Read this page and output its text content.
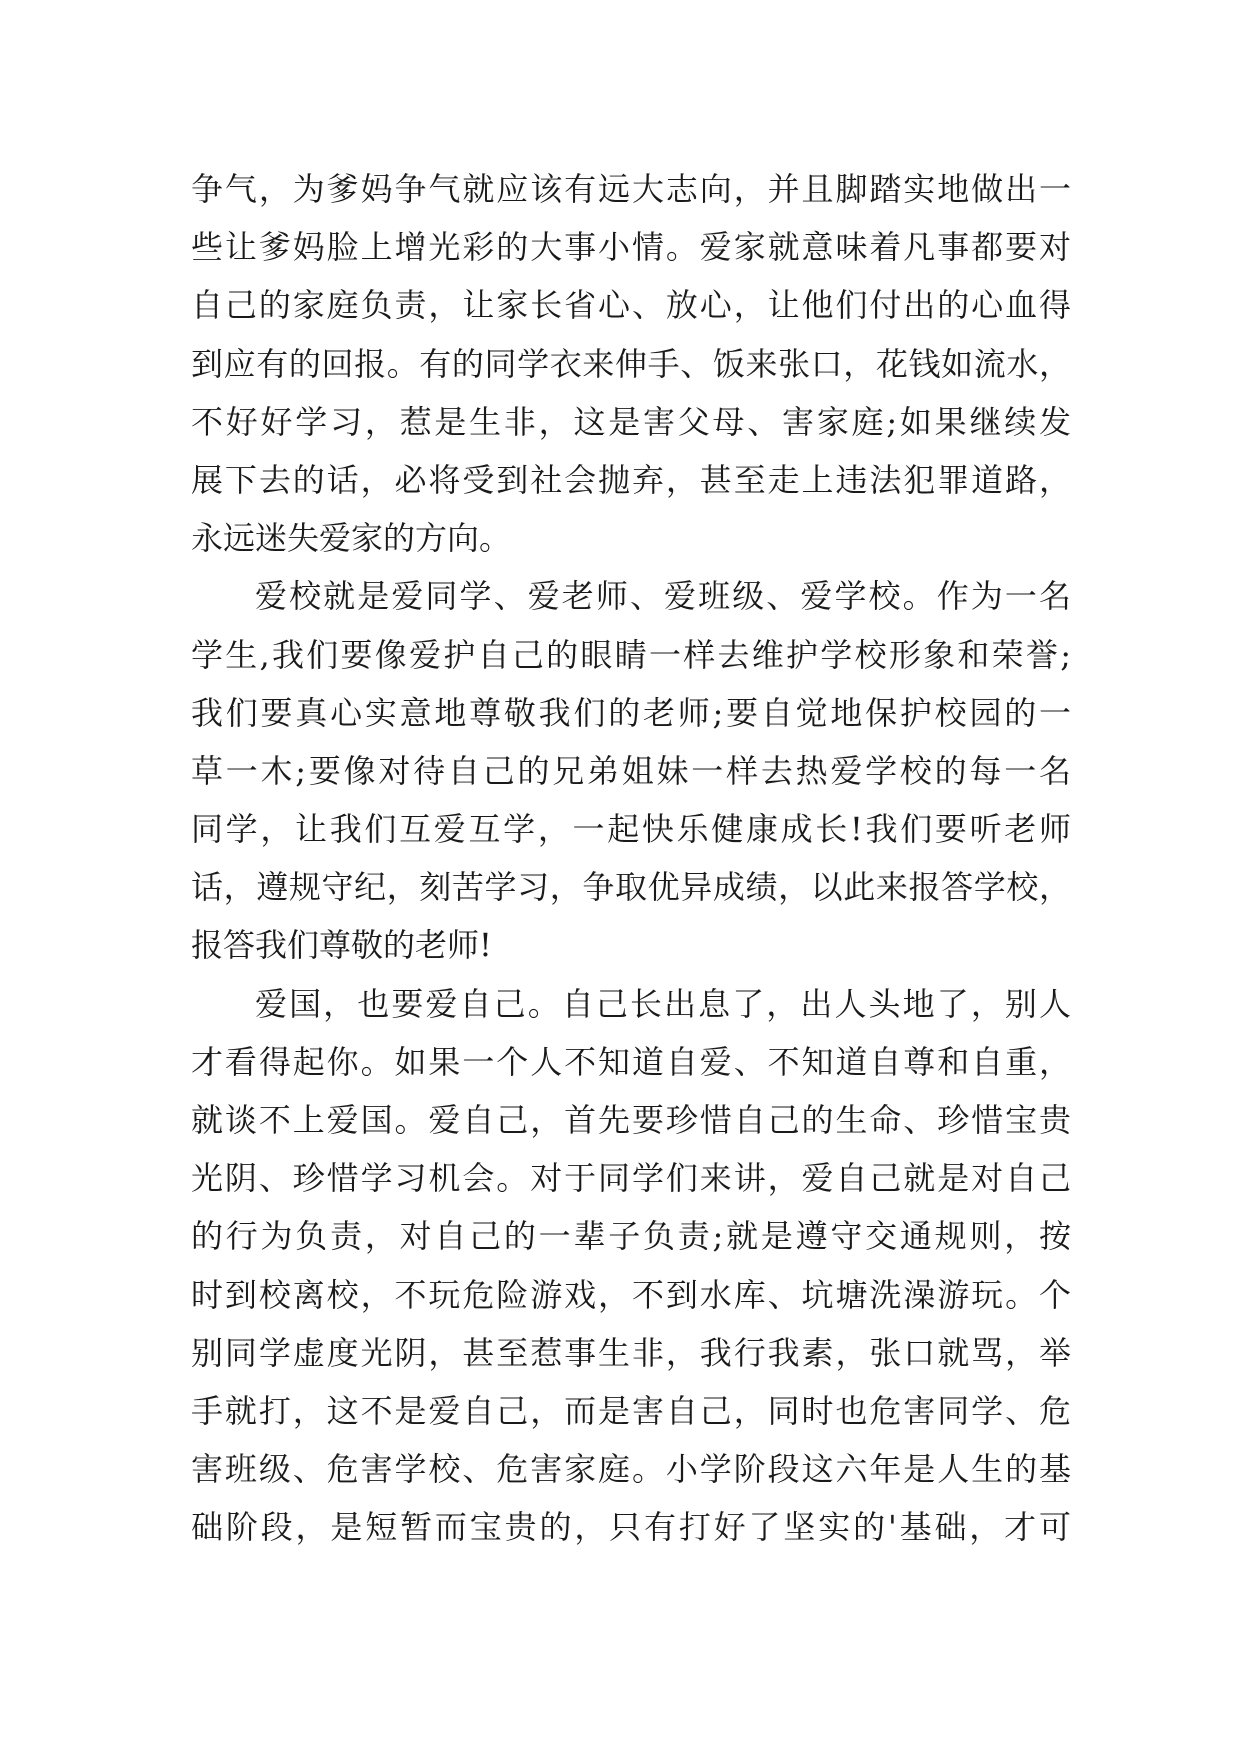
争气，为爹妈争气就应该有远大志向，并且脚踏实地做出一
些让爹妈脸上增光彩的大事小情。爱家就意味着凡事都要对
自己的家庭负责，让家长省心、放心，让他们付出的心血得
到应有的回报。有的同学衣来伸手、饭来张口，花钱如流水，
不好好学习，惹是生非，这是害父母、害家庭;如果继续发
展下去的话，必将受到社会抛弃，甚至走上违法犯罪道路，
永远迷失爱家的方向。
爱校就是爱同学、爱老师、爱班级、爱学校。作为一名
学生,我们要像爱护自己的眼睛一样去维护学校形象和荣誉;
我们要真心实意地尊敬我们的老师;要自觉地保护校园的一
草一木;要像对待自己的兄弟姐妹一样去热爱学校的每一名
同学，让我们互爱互学，一起快乐健康成长!我们要听老师
话，遵规守纪，刻苦学习，争取优异成绩，以此来报答学校，
报答我们尊敬的老师!
爱国，也要爱自己。自己长出息了，出人头地了，别人
才看得起你。如果一个人不知道自爱、不知道自尊和自重，
就谈不上爱国。爱自己，首先要珍惜自己的生命、珍惜宝贵
光阴、珍惜学习机会。对于同学们来讲，爱自己就是对自己
的行为负责，对自己的一辈子负责;就是遵守交通规则，按
时到校离校，不玩危险游戏，不到水库、坑塘洗澡游玩。个
别同学虚度光阴，甚至惹事生非，我行我素，张口就骂，举
手就打，这不是爱自己，而是害自己，同时也危害同学、危
害班级、危害学校、危害家庭。小学阶段这六年是人生的基
础阶段，是短暂而宝贵的，只有打好了坚实的'基础，才可
